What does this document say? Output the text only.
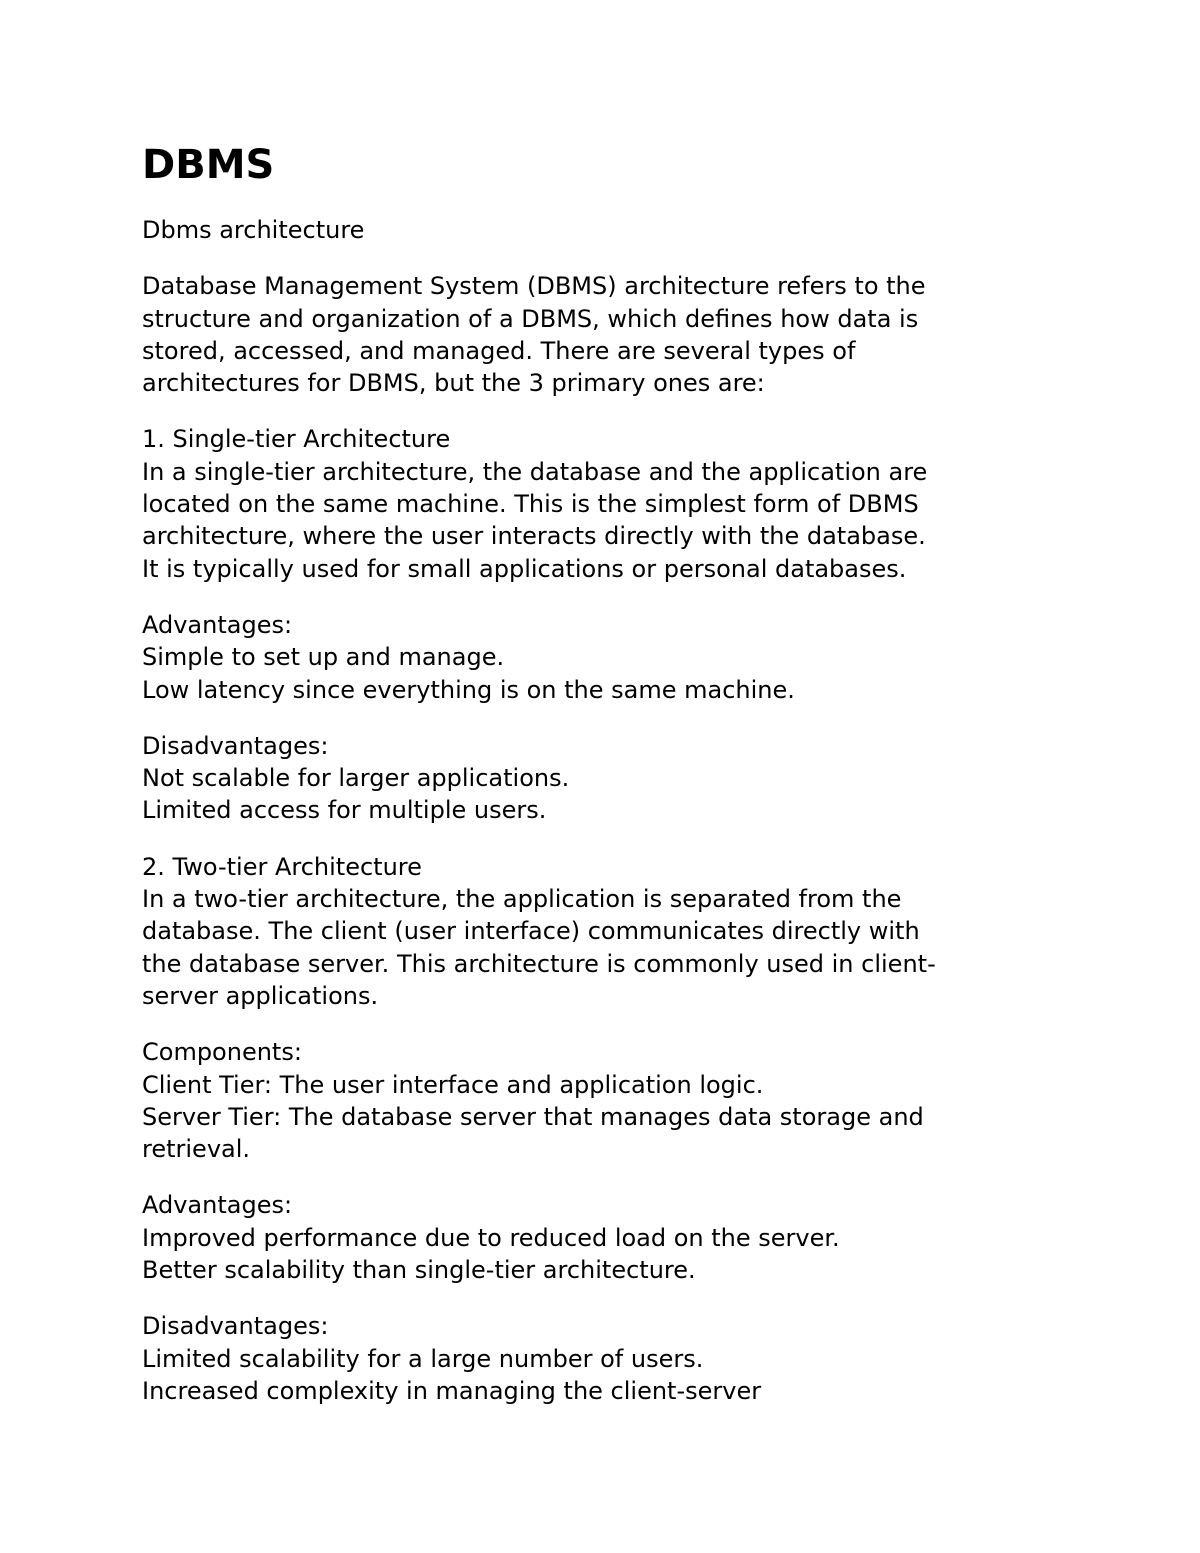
DBMS

Dbms architecture

Database Management System (DBMS) architecture refers to the
structure and organization of a DBMS, which defines how data is
stored, accessed, and managed. There are several types of
architectures for DBMS, but the 3 primary ones are:

1. Single-tier Architecture
In a single-tier architecture, the database and the application are
located on the same machine. This is the simplest form of DBMS
architecture, where the user interacts directly with the database.
It is typically used for small applications or personal databases.

Advantages:
Simple to set up and manage.
Low latency since everything is on the same machine.

Disadvantages:
Not scalable for larger applications.
Limited access for multiple users.

2. Two-tier Architecture
In a two-tier architecture, the application is separated from the
database. The client (user interface) communicates directly with
the database server. This architecture is commonly used in client-
server applications.

Components:
Client Tier: The user interface and application logic.
Server Tier: The database server that manages data storage and
retrieval.

Advantages:
Improved performance due to reduced load on the server.
Better scalability than single-tier architecture.

Disadvantages:
Limited scalability for a large number of users.
Increased complexity in managing the client-server
